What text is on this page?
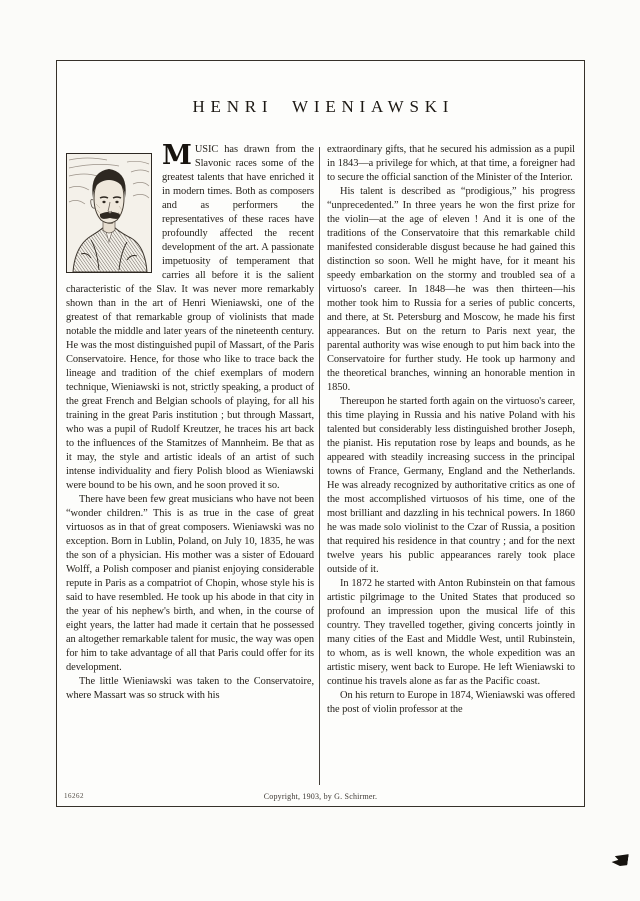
HENRI WIENIAWSKI

MUSIC has drawn from the Slavonic races some of the greatest talents that have enriched it in modern times. Both as composers and as performers the representatives of these races have profoundly affected the recent development of the art. A passionate impetuosity of temperament that carries all before it is the salient characteristic of the Slav. It was never more remarkably shown than in the art of Henri Wieniawski, one of the greatest of that remarkable group of violinists that made notable the middle and later years of the nineteenth century. He was the most distinguished pupil of Massart, of the Paris Conservatoire. Hence, for those who like to trace back the lineage and tradition of the chief exemplars of modern technique, Wieniawski is not, strictly speaking, a product of the great French and Belgian schools of playing, for all his training in the great Paris institution ; but through Massart, who was a pupil of Rudolf Kreutzer, he traces his art back to the influences of the Stamitzes of Mannheim. Be that as it may, the style and artistic ideals of an artist of such intense individuality and fiery Polish blood as Wieniawski were bound to be his own, and he soon proved it so.

There have been few great musicians who have not been “wonder children.” This is as true in the case of great virtuosos as in that of great composers. Wieniawski was no exception. Born in Lublin, Poland, on July 10, 1835, he was the son of a physician. His mother was a sister of Edouard Wolff, a Polish composer and pianist enjoying considerable repute in Paris as a compatriot of Chopin, whose style his is said to have resembled. He took up his abode in that city in the year of his nephew's birth, and when, in the course of eight years, the latter had made it certain that he possessed an altogether remarkable talent for music, the way was open for him to take advantage of all that Paris could offer for its development.

The little Wieniawski was taken to the Conservatoire, where Massart was so struck with his

extraordinary gifts, that he secured his admission as a pupil in 1843—a privilege for which, at that time, a foreigner had to secure the official sanction of the Minister of the Interior.

His talent is described as “prodigious,” his progress “unprecedented.” In three years he won the first prize for the violin—at the age of eleven ! And it is one of the traditions of the Conservatoire that this remarkable child manifested considerable disgust because he had gained this distinction so soon. Well he might have, for it meant his speedy embarkation on the stormy and troubled sea of a virtuoso's career. In 1848—he was then thirteen—his mother took him to Russia for a series of public concerts, and there, at St. Petersburg and Moscow, he made his first appearances. But on the return to Paris next year, the parental authority was wise enough to put him back into the Conservatoire for further study. He took up harmony and the theoretical branches, winning an honorable mention in 1850.

Thereupon he started forth again on the virtuoso's career, this time playing in Russia and his native Poland with his talented but considerably less distinguished brother Joseph, the pianist. His reputation rose by leaps and bounds, as he appeared with steadily increasing success in the principal towns of France, Germany, England and the Netherlands. He was already recognized by authoritative critics as one of the most accomplished virtuosos of his time, one of the most brilliant and dazzling in his technical powers. In 1860 he was made solo violinist to the Czar of Russia, a position that required his residence in that country ; and for the next twelve years his public appearances rarely took place outside of it.

In 1872 he started with Anton Rubinstein on that famous artistic pilgrimage to the United States that produced so profound an impression upon the musical life of this country. They travelled together, giving concerts jointly in many cities of the East and Middle West, until Rubinstein, to whom, as is well known, the whole expedition was an artistic misery, went back to Europe. He left Wieniawski to continue his travels alone as far as the Pacific coast.

On his return to Europe in 1874, Wieniawski was offered the post of violin professor at the

16262	Copyright, 1903, by G. Schirmer.
